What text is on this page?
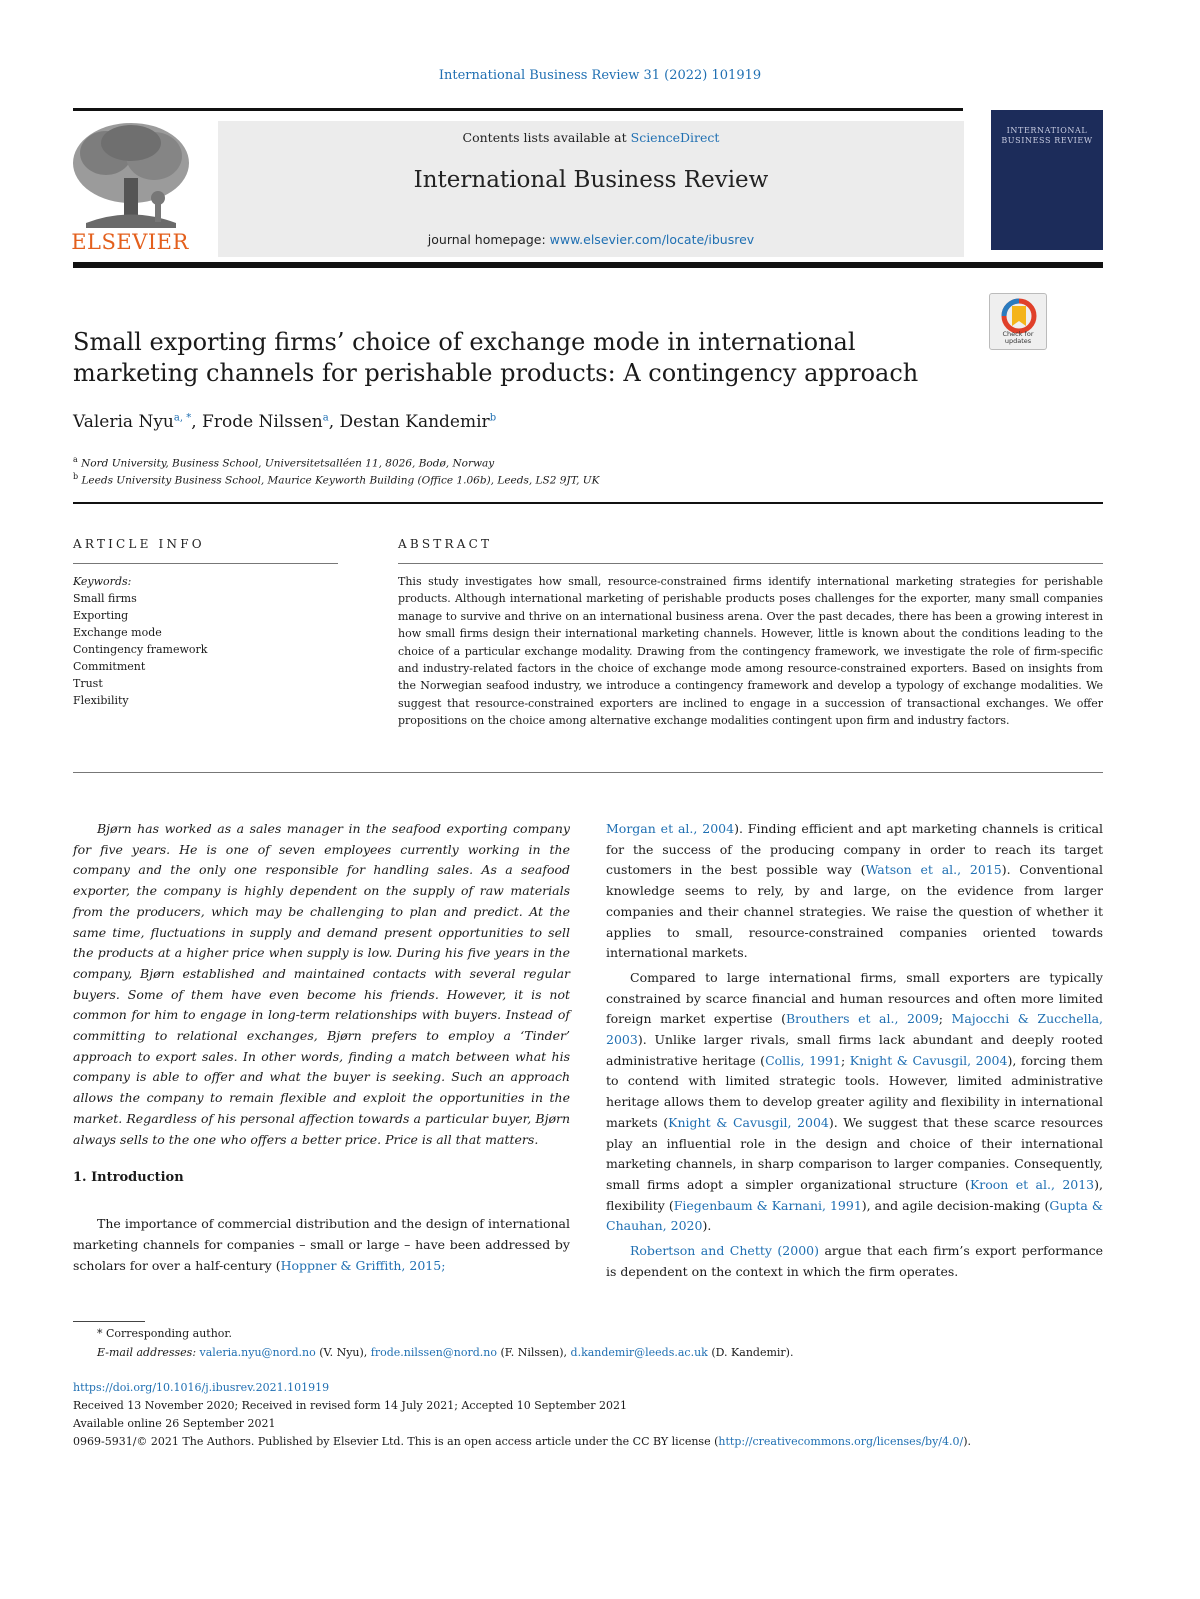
International Business Review 31 (2022) 101919
ELSEVIER
Contents lists available at ScienceDirect
International Business Review
journal homepage: www.elsevier.com/locate/ibusrev
INTERNATIONAL BUSINESS REVIEW
Check for updates
Small exporting firms’ choice of exchange mode in international marketing channels for perishable products: A contingency approach
Valeria Nyu$^{a, *}$, Frode Nilssen$^a$, Destan Kandemir$^b$
$^a$ Nord University, Business School, Universitetsalléen 11, 8026, Bodø, Norway
$^b$ Leeds University Business School, Maurice Keyworth Building (Office 1.06b), Leeds, LS2 9JT, UK
ARTICLE INFO	ABSTRACT
Keywords:
Small firms
Exporting
Exchange mode
Contingency framework
Commitment
Trust
Flexibility
This study investigates how small, resource-constrained firms identify international marketing strategies for perishable products. Although international marketing of perishable products poses challenges for the exporter, many small companies manage to survive and thrive on an international business arena. Over the past decades, there has been a growing interest in how small firms design their international marketing channels. However, little is known about the conditions leading to the choice of a particular exchange modality. Drawing from the contingency framework, we investigate the role of firm-specific and industry-related factors in the choice of exchange mode among resource-constrained exporters. Based on insights from the Norwegian seafood industry, we introduce a contingency framework and develop a typology of exchange modalities. We suggest that resource-constrained exporters are inclined to engage in a succession of transactional exchanges. We offer propositions on the choice among alternative exchange modalities contingent upon firm and industry factors.
Bjørn has worked as a sales manager in the seafood exporting company for five years. He is one of seven employees currently working in the company and the only one responsible for handling sales. As a seafood exporter, the company is highly dependent on the supply of raw materials from the producers, which may be challenging to plan and predict. At the same time, fluctuations in supply and demand present opportunities to sell the products at a higher price when supply is low. During his five years in the company, Bjørn established and maintained contacts with several regular buyers. Some of them have even become his friends. However, it is not common for him to engage in long-term relationships with buyers. Instead of committing to relational exchanges, Bjørn prefers to employ a ‘Tinder’ approach to export sales. In other words, finding a match between what his company is able to offer and what the buyer is seeking. Such an approach allows the company to remain flexible and exploit the opportunities in the market. Regardless of his personal affection towards a particular buyer, Bjørn always sells to the one who offers a better price. Price is all that matters.
1. Introduction
The importance of commercial distribution and the design of international marketing channels for companies – small or large – have been addressed by scholars for over a half-century (Hoppner & Griffith, 2015;

Morgan et al., 2004). Finding efficient and apt marketing channels is critical for the success of the producing company in order to reach its target customers in the best possible way (Watson et al., 2015). Conventional knowledge seems to rely, by and large, on the evidence from larger companies and their channel strategies. We raise the question of whether it applies to small, resource-constrained companies oriented towards international markets.

Compared to large international firms, small exporters are typically constrained by scarce financial and human resources and often more limited foreign market expertise (Brouthers et al., 2009; Majocchi & Zucchella, 2003). Unlike larger rivals, small firms lack abundant and deeply rooted administrative heritage (Collis, 1991; Knight & Cavusgil, 2004), forcing them to contend with limited strategic tools. However, limited administrative heritage allows them to develop greater agility and flexibility in international markets (Knight & Cavusgil, 2004). We suggest that these scarce resources play an influential role in the design and choice of their international marketing channels, in sharp comparison to larger companies. Consequently, small firms adopt a simpler organizational structure (Kroon et al., 2013), flexibility (Fiegenbaum & Karnani, 1991), and agile decision-making (Gupta & Chauhan, 2020).

Robertson and Chetty (2000) argue that each firm’s export performance is dependent on the context in which the firm operates.

* Corresponding author.
E-mail addresses: valeria.nyu@nord.no (V. Nyu), frode.nilssen@nord.no (F. Nilssen), d.kandemir@leeds.ac.uk (D. Kandemir).
https://doi.org/10.1016/j.ibusrev.2021.101919
Received 13 November 2020; Received in revised form 14 July 2021; Accepted 10 September 2021
Available online 26 September 2021
0969-5931/© 2021 The Authors. Published by Elsevier Ltd. This is an open access article under the CC BY license (http://creativecommons.org/licenses/by/4.0/).
